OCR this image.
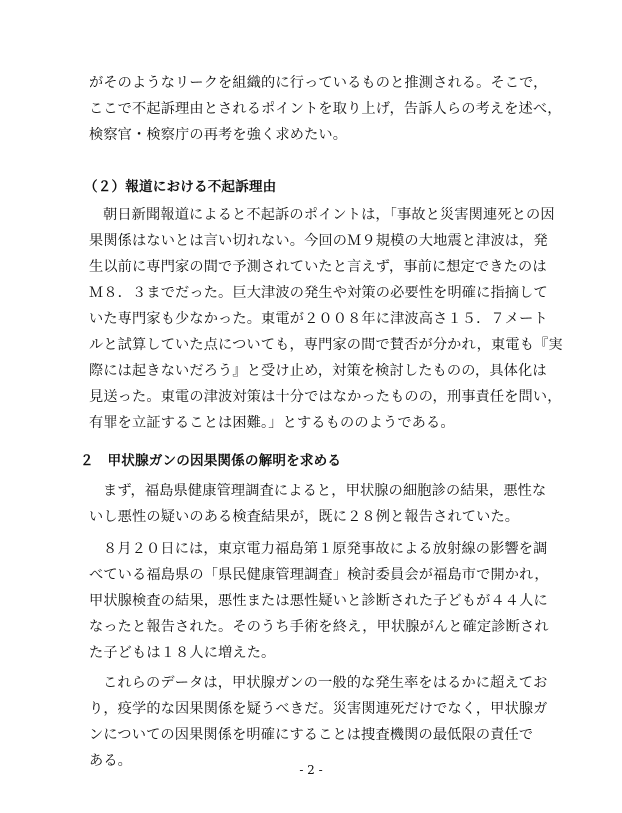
がそのようなリークを組織的に行っているものと推測される。そこで，
ここで不起訴理由とされるポイントを取り上げ，告訴人らの考えを述べ，
検察官・検察庁の再考を強く求めたい。
（２）報道における不起訴理由
朝日新聞報道によると不起訴のポイントは，「事故と災害関連死との因
果関係はないとは言い切れない。今回のＭ９規模の大地震と津波は，発
生以前に専門家の間で予測されていたと言えず，事前に想定できたのは
Ｍ８．３までだった。巨大津波の発生や対策の必要性を明確に指摘して
いた専門家も少なかった。東電が２００８年に津波高さ１５．７メート
ルと試算していた点についても，専門家の間で賛否が分かれ，東電も『実
際には起きないだろう』と受け止め，対策を検討したものの，具体化は
見送った。東電の津波対策は十分ではなかったものの，刑事責任を問い，
有罪を立証することは困難。」とするもののようである。
２　甲状腺ガンの因果関係の解明を求める
まず，福島県健康管理調査によると，甲状腺の細胞診の結果，悪性な
いし悪性の疑いのある検査結果が，既に２８例と報告されていた。
８月２０日には，東京電力福島第１原発事故による放射線の影響を調
べている福島県の「県民健康管理調査」検討委員会が福島市で開かれ，
甲状腺検査の結果，悪性または悪性疑いと診断された子どもが４４人に
なったと報告された。そのうち手術を終え，甲状腺がんと確定診断され
た子どもは１８人に増えた。
- 2 -
これらのデータは，甲状腺ガンの一般的な発生率をはるかに超えてお
り，疫学的な因果関係を疑うべきだ。災害関連死だけでなく，甲状腺ガ
ンについての因果関係を明確にすることは捜査機関の最低限の責任で
ある。
